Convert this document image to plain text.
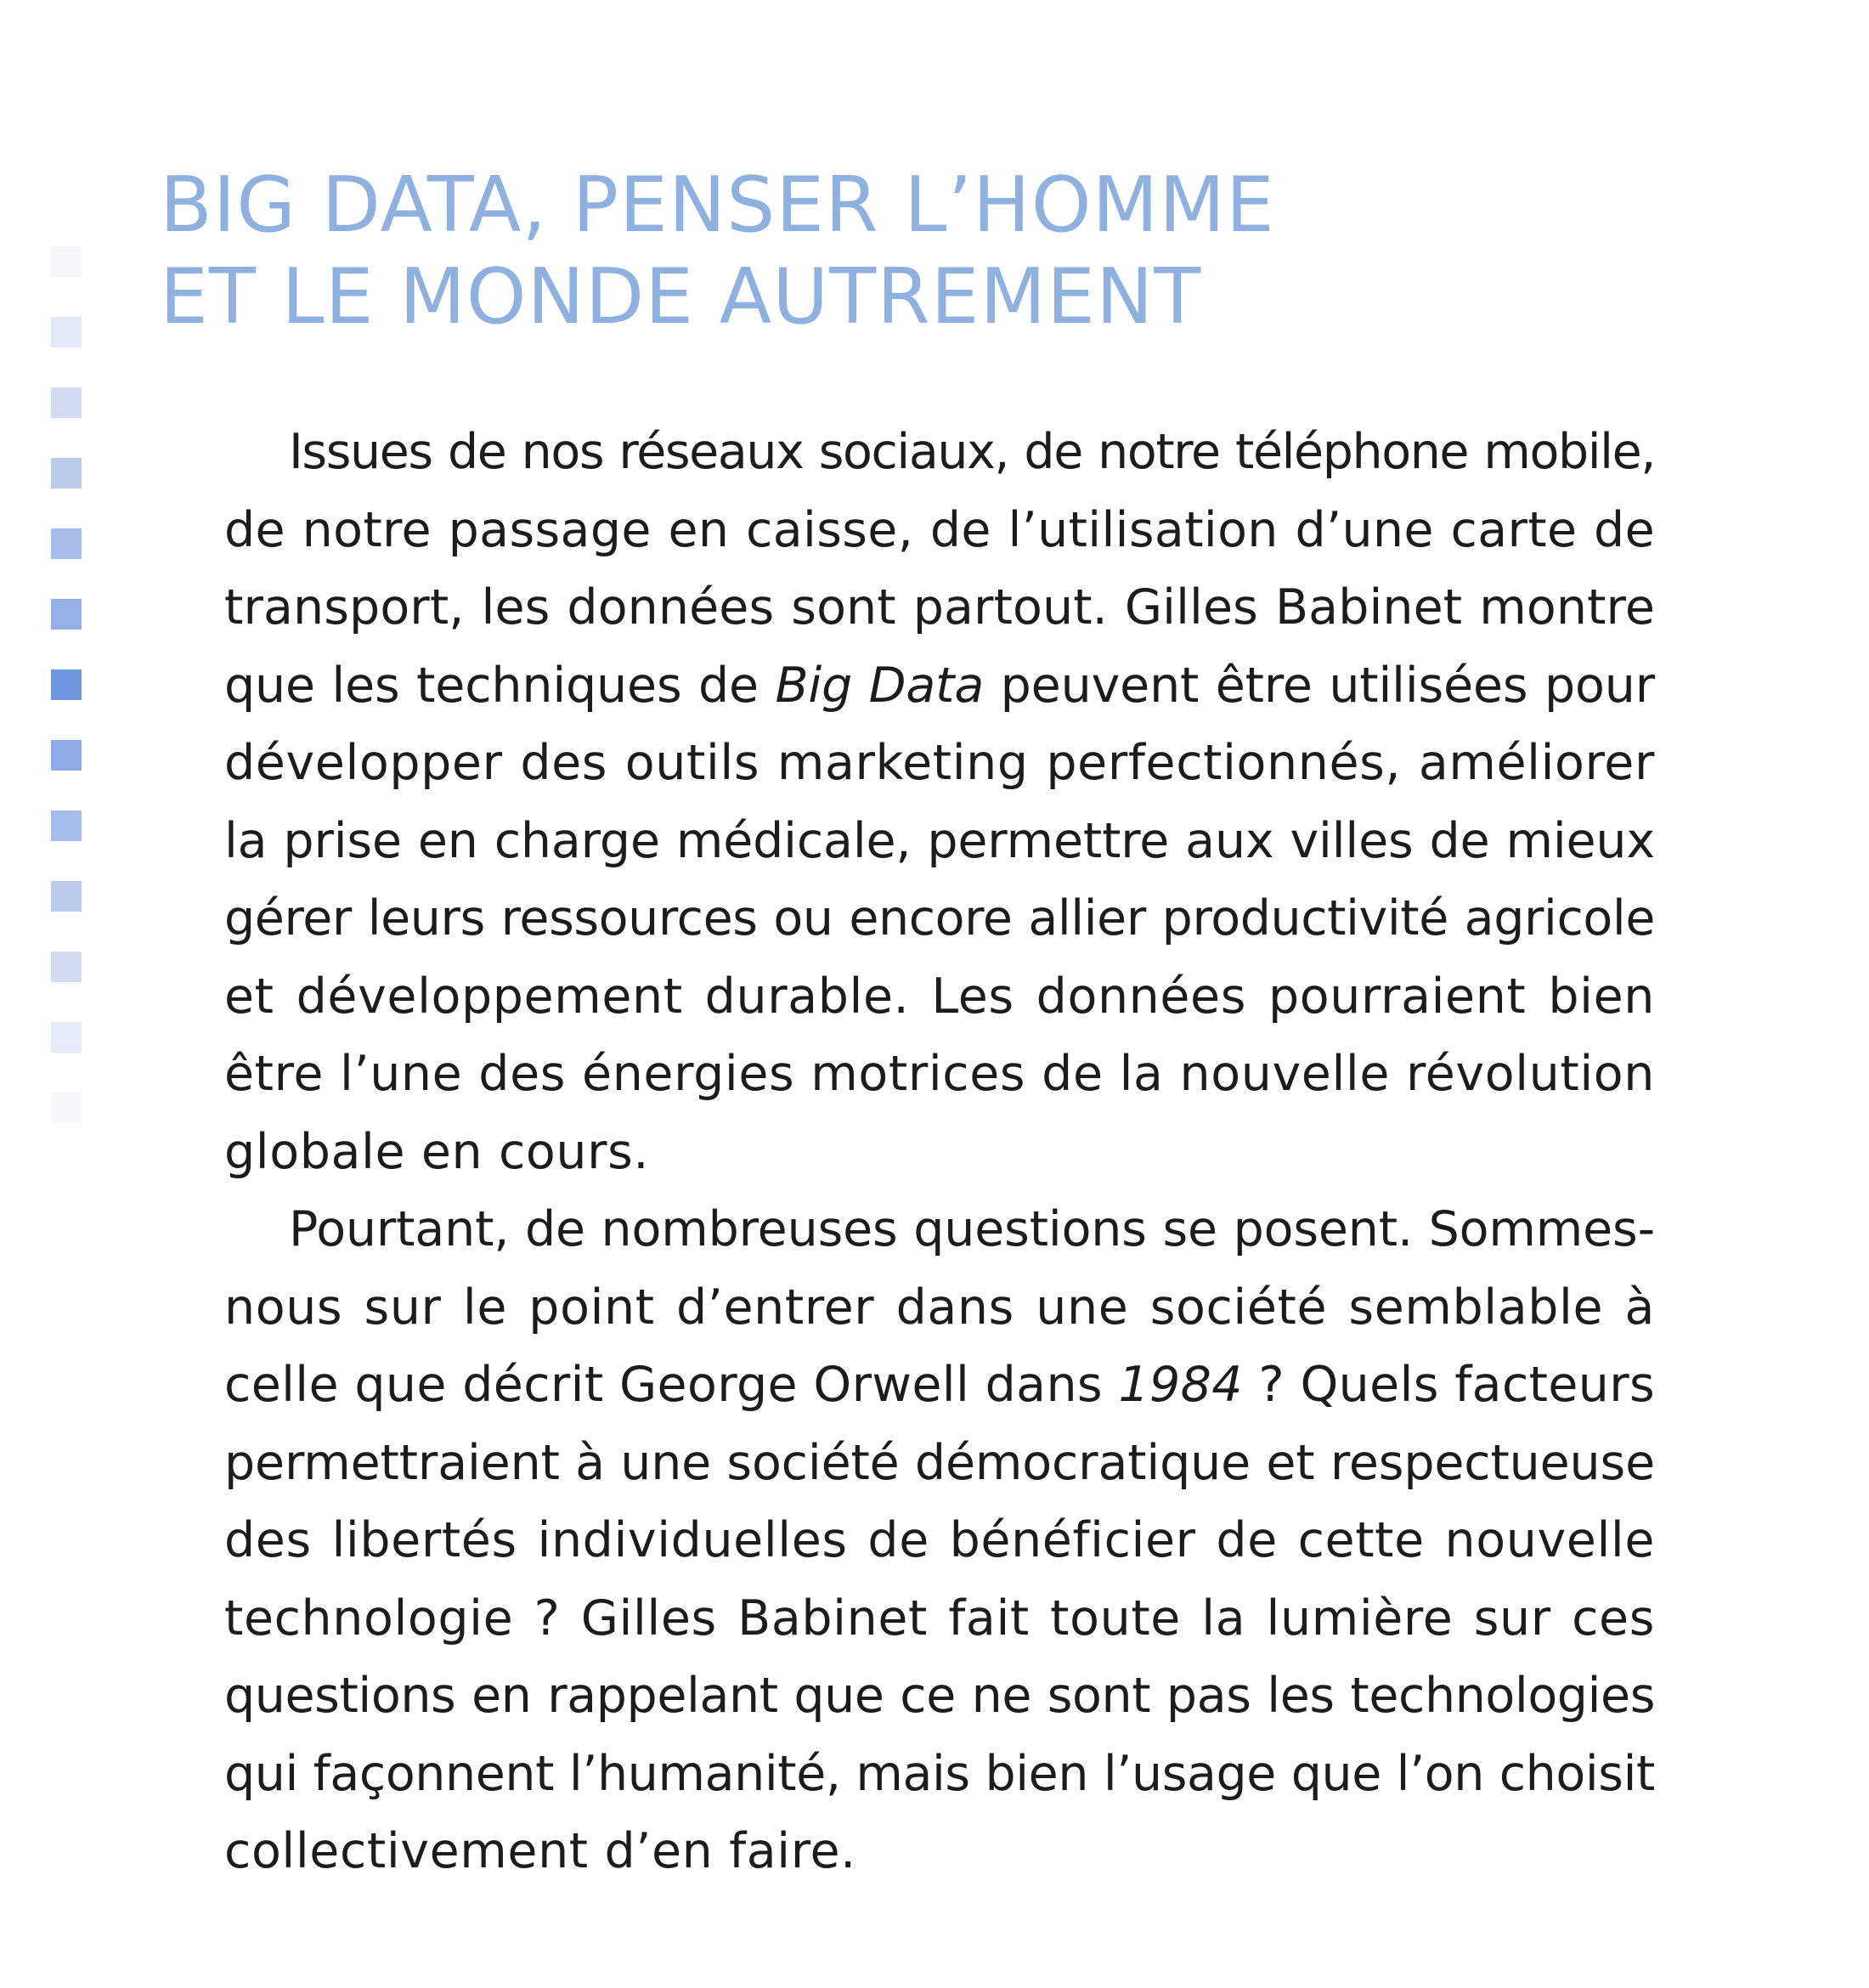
BIG DATA, PENSER L’HOMME
ET LE MONDE AUTREMENT
Issues de nos réseaux sociaux, de notre téléphone mobile,
de notre passage en caisse, de l’utilisation d’une carte de
transport, les données sont partout. Gilles Babinet montre
que les techniques de Big Data peuvent être utilisées pour
développer des outils marketing perfectionnés, améliorer
la prise en charge médicale, permettre aux villes de mieux
gérer leurs ressources ou encore allier productivité agricole
et développement durable. Les données pourraient bien
être l’une des énergies motrices de la nouvelle révolution
globale en cours.
Pourtant, de nombreuses questions se posent. Sommes-
nous sur le point d’entrer dans une société semblable à
celle que décrit George Orwell dans 1984 ? Quels facteurs
permettraient à une société démocratique et respectueuse
des libertés individuelles de bénéficier de cette nouvelle
technologie ? Gilles Babinet fait toute la lumière sur ces
questions en rappelant que ce ne sont pas les technologies
qui façonnent l’humanité, mais bien l’usage que l’on choisit
collectivement d’en faire.
